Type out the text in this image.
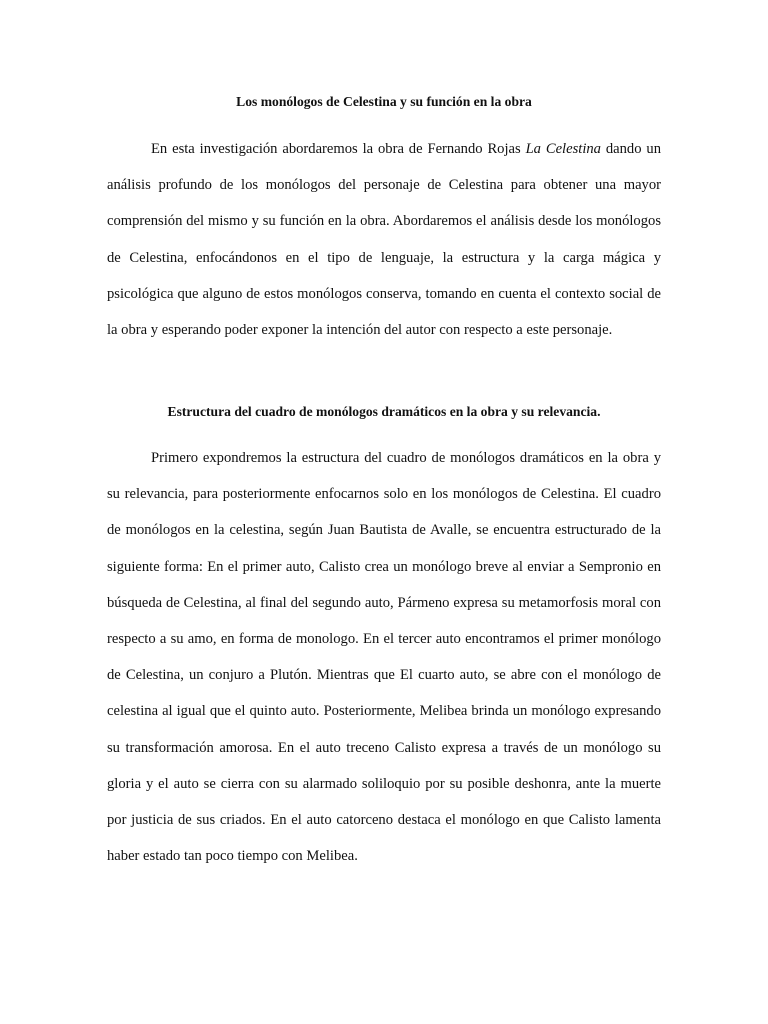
Los monólogos de Celestina y su función en la obra

En esta investigación abordaremos la obra de Fernando Rojas La Celestina dando un análisis profundo de los monólogos del personaje de Celestina para obtener una mayor comprensión del mismo y su función en la obra. Abordaremos el análisis desde los monólogos de Celestina, enfocándonos en el tipo de lenguaje, la estructura y la carga mágica y psicológica que alguno de estos monólogos conserva, tomando en cuenta el contexto social de la obra y esperando poder exponer la intención del autor con respecto a este personaje.

Estructura del cuadro de monólogos dramáticos en la obra y su relevancia.

Primero expondremos la estructura del cuadro de monólogos dramáticos en la obra y su relevancia, para posteriormente enfocarnos solo en los monólogos de Celestina. El cuadro de monólogos en la celestina, según Juan Bautista de Avalle, se encuentra estructurado de la siguiente forma: En el primer auto, Calisto crea un monólogo breve al enviar a Sempronio en búsqueda de Celestina, al final del segundo auto, Pármeno expresa su metamorfosis moral con respecto a su amo, en forma de monologo. En el tercer auto encontramos el primer monólogo de Celestina, un conjuro a Plutón. Mientras que El cuarto auto, se abre con el monólogo de celestina al igual que el quinto auto. Posteriormente, Melibea brinda un monólogo expresando su transformación amorosa. En el auto treceno Calisto expresa a través de un monólogo su gloria y el auto se cierra con su alarmado soliloquio por su posible deshonra, ante la muerte por justicia de sus criados. En el auto catorceno destaca el monólogo en que Calisto lamenta haber estado tan poco tiempo con Melibea.
